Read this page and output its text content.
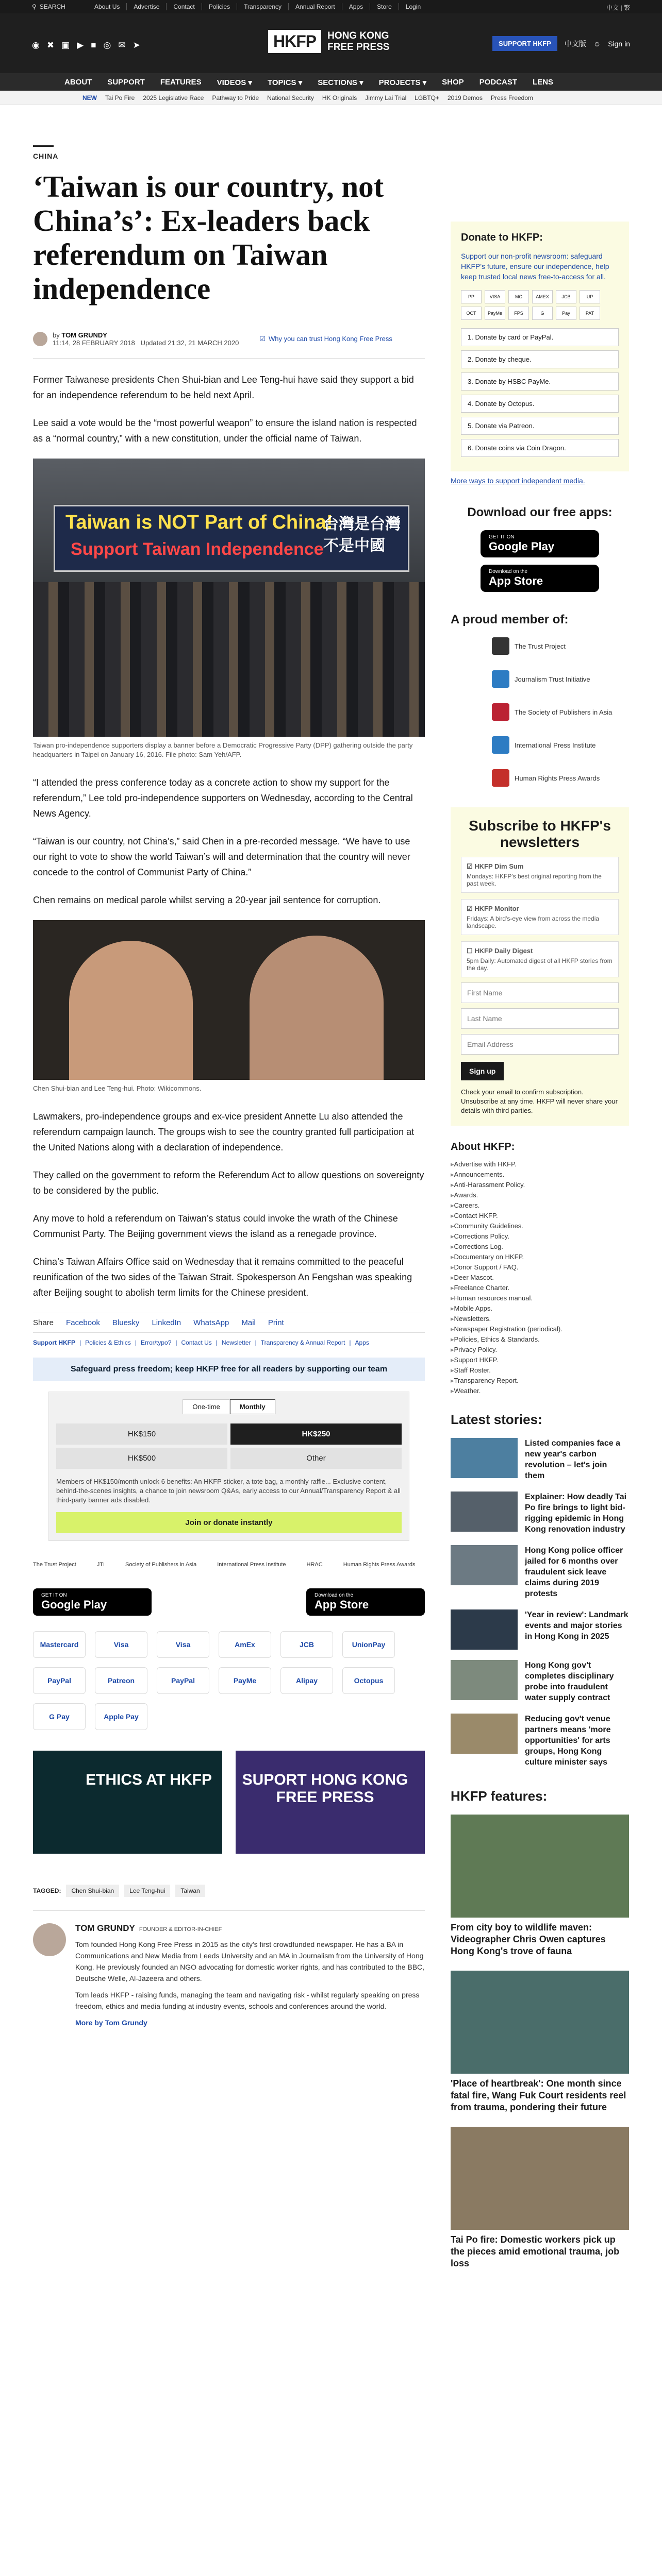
⚲ SEARCH	About Us	Advertise	Contact	Policies	Transparency	Annual Report	Apps	Store	Login	中文 | 繁
◉ ✖ ▣ ▶ ■ ◎ ✉ ➤	HKFP	HONG KONG
FREE PRESS	SUPPORT HKFP	中文版 ☺ Sign in
ABOUT SUPPORT FEATURES VIDEOS ▾ TOPICS ▾ SECTIONS ▾ PROJECTS ▾ SHOP PODCAST LENS
NEW Tai Po Fire 2025 Legislative Race Pathway to Pride National Security HK Originals Jimmy Lai Trial LGBTQ+ 2019 Demos Press Freedom
CHINA
‘Taiwan is our country, not China’s’: Ex-leaders back referendum on Taiwan independence
by TOM GRUNDY
11:14, 28 FEBRUARY 2018 Updated 21:32, 21 MARCH 2020
☑ Why you can trust Hong Kong Free Press

Former Taiwanese presidents Chen Shui-bian and Lee Teng-hui have said they support a bid for an independence referendum to be held next April.

Lee said a vote would be the “most powerful weapon” to ensure the island nation is respected as a “normal country,” with a new constitution, under the official name of Taiwan.

Taiwan is NOT Part of China!
Support Taiwan Independence
台灣是台灣 不是中國
Taiwan pro-independence supporters display a banner before a Democratic Progressive Party (DPP) gathering outside the party headquarters in Taipei on January 16, 2016. File photo: Sam Yeh/AFP.

“I attended the press conference today as a concrete action to show my support for the referendum,” Lee told pro-independence supporters on Wednesday, according to the Central News Agency.

“Taiwan is our country, not China’s,” said Chen in a pre-recorded message. “We have to use our right to vote to show the world Taiwan’s will and determination that the country will never concede to the control of Communist Party of China.”

Chen remains on medical parole whilst serving a 20-year jail sentence for corruption.

Chen Shui-bian and Lee Teng-hui. Photo: Wikicommons.

Lawmakers, pro-independence groups and ex-vice president Annette Lu also attended the referendum campaign launch. The groups wish to see the country granted full participation at the United Nations along with a declaration of independence.

They called on the government to reform the Referendum Act to allow questions on sovereignty to be considered by the public.

Any move to hold a referendum on Taiwan’s status could invoke the wrath of the Chinese Communist Party. The Beijing government views the island as a renegade province.

China’s Taiwan Affairs Office said on Wednesday that it remains committed to the peaceful reunification of the two sides of the Taiwan Strait. Spokesperson An Fengshan was speaking after Beijing sought to abolish term limits for the Chinese president.

Share Facebook Bluesky LinkedIn WhatsApp Mail Print
Support HKFP | Policies & Ethics | Error/typo? | Contact Us | Newsletter | Transparency & Annual Report | Apps
Safeguard press freedom; keep HKFP free for all readers by supporting our team
One-time	Monthly
HK$150	HK$250
HK$500	Other
Members of HK$150/month unlock 6 benefits: An HKFP sticker, a tote bag, a monthly raffle... Exclusive content, behind-the-scenes insights, a chance to join newsroom Q&As, early access to our Annual/Transparency Report & all third-party banner ads disabled.
Join or donate instantly
The Trust Project	JTI	Society of Publishers in Asia	International Press Institute	HRAC	Human Rights Press Awards
GET IT ON
Google Play
Download on the
App Store
Mastercard	Visa	Visa	AmEx	JCB	UnionPay
PayPal	Patreon	PayPal	PayMe	Alipay	Octopus
G Pay	Apple Pay
ETHICS AT HKFP	SUPORT HONG KONG FREE PRESS
TAGGED:	Chen Shui-bian	Lee Teng-hui	Taiwan
TOM GRUNDY FOUNDER & EDITOR-IN-CHIEF

Tom founded Hong Kong Free Press in 2015 as the city's first crowdfunded newspaper. He has a BA in Communications and New Media from Leeds University and an MA in Journalism from the University of Hong Kong. He previously founded an NGO advocating for domestic worker rights, and has contributed to the BBC, Deutsche Welle, Al-Jazeera and others.

Tom leads HKFP - raising funds, managing the team and navigating risk - whilst regularly speaking on press freedom, ethics and media funding at industry events, schools and conferences around the world.

More by Tom Grundy

Donate to HKFP:

Support our non-profit newsroom: safeguard HKFP's future, ensure our independence, help keep trusted local news free-to-access for all.

PP	VISA	MC	AMEX	JCB	UP
OCT	PayMe	FPS	G	Pay	PAT
1. Donate by card or PayPal.
2. Donate by cheque.
3. Donate by HSBC PayMe.
4. Donate by Octopus.
5. Donate via Patreon.
6. Donate coins via Coin Dragon.
More ways to support independent media.
Download our free apps:
GET IT ON
Google Play
Download on the
App Store
A proud member of:
The Trust Project
Journalism Trust Initiative
The Society of Publishers in Asia
International Press Institute
Human Rights Press Awards
Subscribe to HKFP's newsletters
☑ HKFP Dim Sum
Mondays: HKFP's best original reporting from the past week.
☑ HKFP Monitor
Fridays: A bird's-eye view from across the media landscape.
☐ HKFP Daily Digest
5pm Daily: Automated digest of all HKFP stories from the day.
First Name
Last Name
Email Address
Sign up
Check your email to confirm subscription. Unsubscribe at any time. HKFP will never share your details with third parties.
About HKFP:
▸ Advertise with HKFP.
▸ Announcements.
▸ Anti-Harassment Policy.
▸ Awards.
▸ Careers.
▸ Contact HKFP.
▸ Community Guidelines.
▸ Corrections Policy.
▸ Corrections Log.
▸ Documentary on HKFP.
▸ Donor Support / FAQ.
▸ Deer Mascot.
▸ Freelance Charter.
▸ Human resources manual.
▸ Mobile Apps.
▸ Newsletters.
▸ Newspaper Registration (periodical).
▸ Policies, Ethics & Standards.
▸ Privacy Policy.
▸ Support HKFP.
▸ Staff Roster.
▸ Transparency Report.
▸ Weather.
Latest stories:
Listed companies face a new year's carbon revolution – let's join them
Explainer: How deadly Tai Po fire brings to light bid-rigging epidemic in Hong Kong renovation industry
Hong Kong police officer jailed for 6 months over fraudulent sick leave claims during 2019 protests
'Year in review': Landmark events and major stories in Hong Kong in 2025
Hong Kong gov't completes disciplinary probe into fraudulent water supply contract
Reducing gov't venue partners means 'more opportunities' for arts groups, Hong Kong culture minister says
HKFP features:
From city boy to wildlife maven: Videographer Chris Owen captures Hong Kong's trove of fauna
'Place of heartbreak': One month since fatal fire, Wang Fuk Court residents reel from trauma, pondering their future
Tai Po fire: Domestic workers pick up the pieces amid emotional trauma, job loss
